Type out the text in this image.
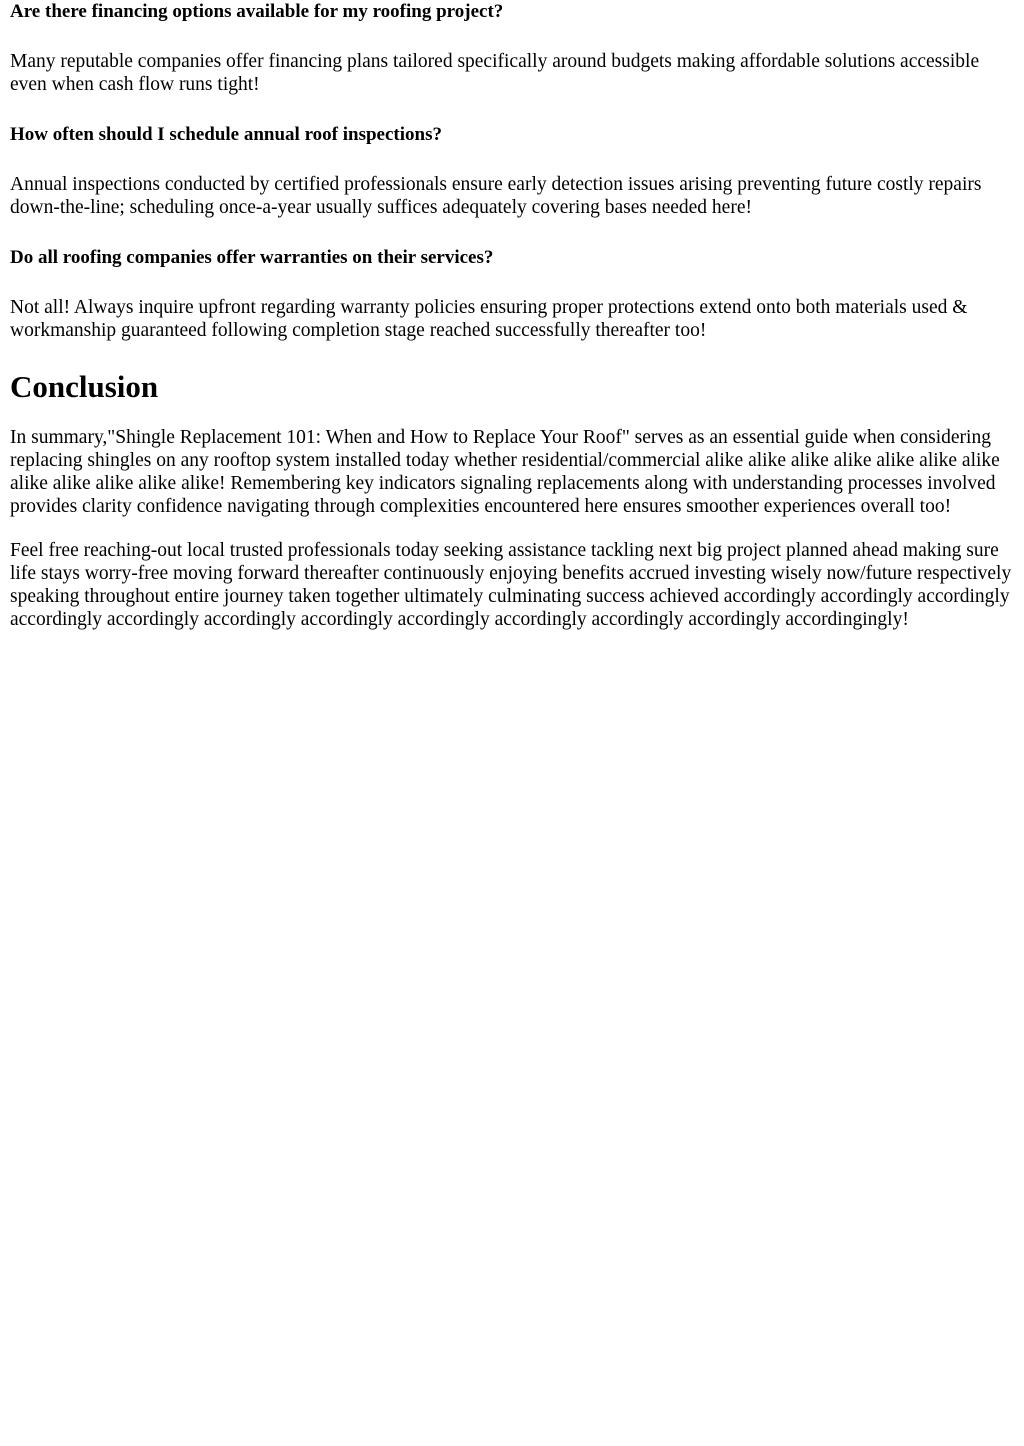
Are there financing options available for my roofing project?

Many reputable companies offer financing plans tailored specifically around budgets making affordable solutions accessible even when cash flow runs tight!

How often should I schedule annual roof inspections?

Annual inspections conducted by certified professionals ensure early detection issues arising preventing future costly repairs down-the-line; scheduling once-a-year usually suffices adequately covering bases needed here!

Do all roofing companies offer warranties on their services?

Not all! Always inquire upfront regarding warranty policies ensuring proper protections extend onto both materials used & workmanship guaranteed following completion stage reached successfully thereafter too!

Conclusion

In summary,"Shingle Replacement 101: When and How to Replace Your Roof" serves as an essential guide when considering replacing shingles on any rooftop system installed today whether residential/commercial alike alike alike alike alike alike alike alike alike alike alike alike! Remembering key indicators signaling replacements along with understanding processes involved provides clarity confidence navigating through complexities encountered here ensures smoother experiences overall too!

Feel free reaching-out local trusted professionals today seeking assistance tackling next big project planned ahead making sure life stays worry-free moving forward thereafter continuously enjoying benefits accrued investing wisely now/future respectively speaking throughout entire journey taken together ultimately culminating success achieved accordingly accordingly accordingly accordingly accordingly accordingly accordingly accordingly accordingly accordingly accordingly accordingingly!
